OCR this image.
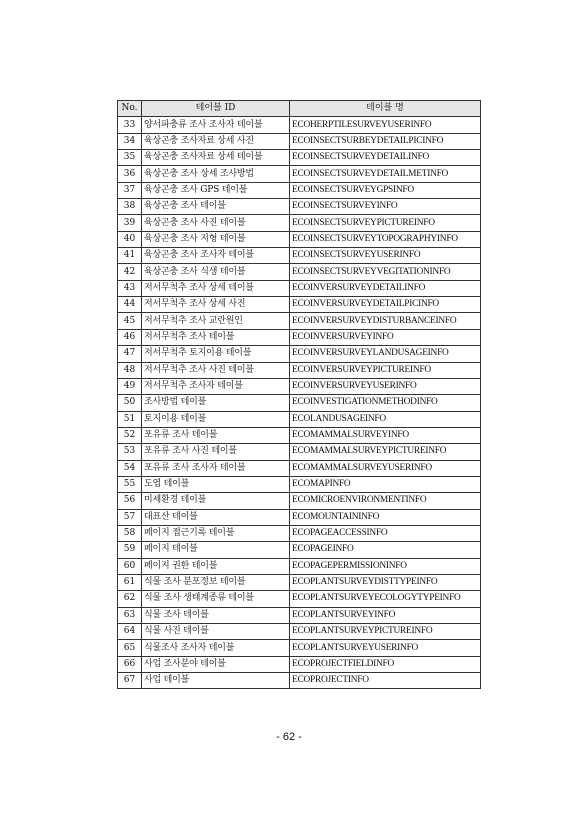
No.	테이블 ID	테이블 명
33	양서파충류 조사 조사자 테이블	ECOHERPTILESURVEYUSERINFO
34	육상곤충 조사자료 상세 사진	ECOINSECTSURBEYDETAILPICINFO
35	육상곤충 조사자료 상세 테이블	ECOINSECTSURVEYDETAILINFO
36	육상곤충 조사 상세 조사방법	ECOINSECTSURVEYDETAILMETINFO
37	육상곤충 조사 GPS 테이블	ECOINSECTSURVEYGPSINFO
38	육상곤충 조사 테이블	ECOINSECTSURVEYINFO
39	육상곤충 조사 사진 테이블	ECOINSECTSURVEYPICTUREINFO
40	육상곤충 조사 지형 테이블	ECOINSECTSURVEYTOPOGRAPHYINFO
41	육상곤충 조사 조사자 테이블	ECOINSECTSURVEYUSERINFO
42	육상곤충 조사 식생 테이블	ECOINSECTSURVEYVEGITATIONINFO
43	저서무척추 조사 상세 테이블	ECOINVERSURVEYDETAILINFO
44	저서무척추 조사 상세 사진	ECOINVERSURVEYDETAILPICINFO
45	저서무척추 조사 교란원인	ECOINVERSURVEYDISTURBANCEINFO
46	저서무척추 조사 테이블	ECOINVERSURVEYINFO
47	저서무척추 토지이용 테이블	ECOINVERSURVEYLANDUSAGEINFO
48	저서무척추 조사 사진 테이블	ECOINVERSURVEYPICTUREINFO
49	저서무척추 조사자 테이블	ECOINVERSURVEYUSERINFO
50	조사방법 테이블	ECOINVESTIGATIONMETHODINFO
51	토지이용 테이블	ECOLANDUSAGEINFO
52	포유류 조사 테이블	ECOMAMMALSURVEYINFO
53	포유류 조사 사진 테이블	ECOMAMMALSURVEYPICTUREINFO
54	포유류 조사 조사자 테이블	ECOMAMMALSURVEYUSERINFO
55	도엽 테이블	ECOMAPINFO
56	미세환경 테이블	ECOMICROENVIRONMENTINFO
57	대표산 테이블	ECOMOUNTAININFO
58	페이지 접근기록 테이블	ECOPAGEACCESSINFO
59	페이지 테이블	ECOPAGEINFO
60	페이지 권한 테이블	ECOPAGEPERMISSIONINFO
61	식물 조사 분포정보 테이블	ECOPLANTSURVEYDISTTYPEINFO
62	식물 조사 생태계종류 테이블	ECOPLANTSURVEYECOLOGYTYPEINFO
63	식물 조사 테이블	ECOPLANTSURVEYINFO
64	식물 사진 테이블	ECOPLANTSURVEYPICTUREINFO
65	식물조사 조사자 테이블	ECOPLANTSURVEYUSERINFO
66	사업 조사분야 테이블	ECOPROJECTFIELDINFO
67	사업 테이블	ECOPROJECTINFO
- 62 -
